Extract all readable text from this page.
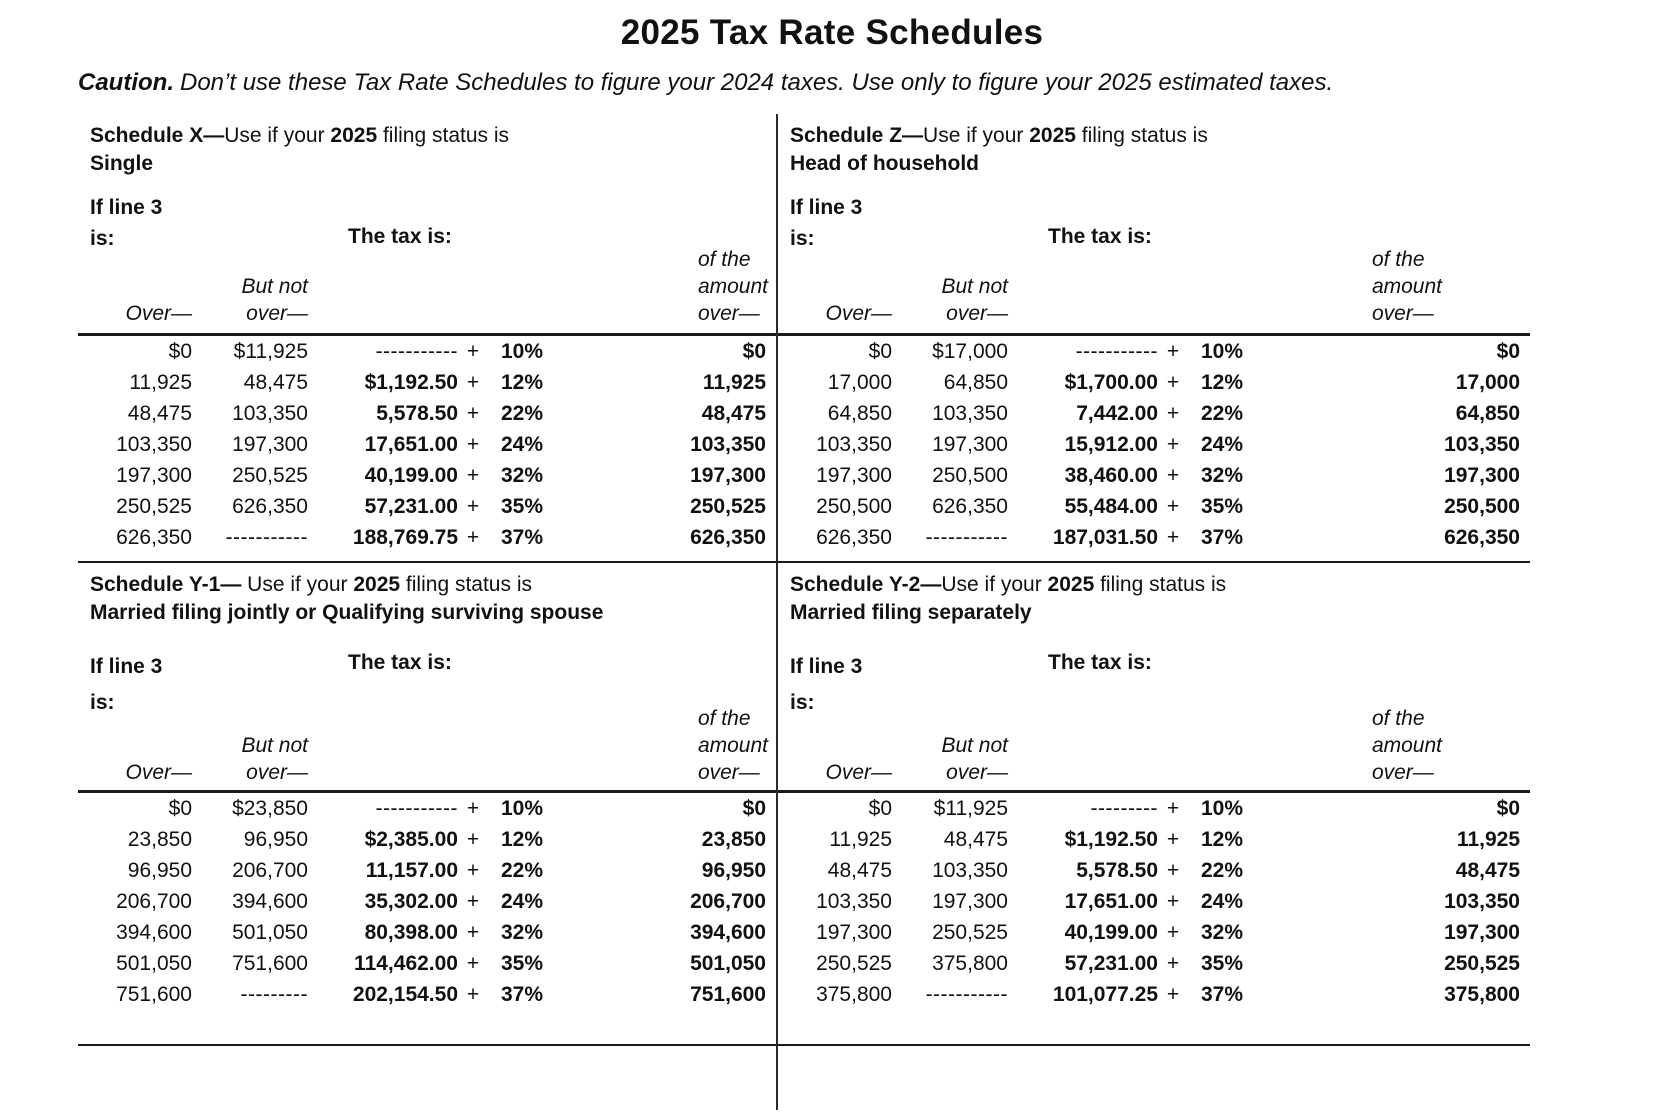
2025 Tax Rate Schedules

Caution. Don’t use these Tax Rate Schedules to figure your 2024 taxes. Use only to figure your 2025 estimated taxes.

Schedule X—Use if your 2025 filing status is
Single

If line 3
is:	The tax is:
Over—	But not
over—				of the
amount
over—
$0	$11,925	-----------	+	10%	$0
11,925	48,475	$1,192.50	+	12%	11,925
48,475	103,350	5,578.50	+	22%	48,475
103,350	197,300	17,651.00	+	24%	103,350
197,300	250,525	40,199.00	+	32%	197,300
250,525	626,350	57,231.00	+	35%	250,525
626,350	-----------	188,769.75	+	37%	626,350

Schedule Z—Use if your 2025 filing status is
Head of household

If line 3
is:	The tax is:
Over—	But not
over—				of the
amount
over—
$0	$17,000	-----------	+	10%	$0
17,000	64,850	$1,700.00	+	12%	17,000
64,850	103,350	7,442.00	+	22%	64,850
103,350	197,300	15,912.00	+	24%	103,350
197,300	250,500	38,460.00	+	32%	197,300
250,500	626,350	55,484.00	+	35%	250,500
626,350	-----------	187,031.50	+	37%	626,350

Schedule Y-1— Use if your 2025 filing status is
Married filing jointly or Qualifying surviving spouse

If line 3
is:
The tax is:
Over—	But not
over—				of the
amount
over—
$0	$23,850	-----------	+	10%	$0
23,850	96,950	$2,385.00	+	12%	23,850
96,950	206,700	11,157.00	+	22%	96,950
206,700	394,600	35,302.00	+	24%	206,700
394,600	501,050	80,398.00	+	32%	394,600
501,050	751,600	114,462.00	+	35%	501,050
751,600	---------	202,154.50	+	37%	751,600

Schedule Y-2—Use if your 2025 filing status is
Married filing separately

If line 3
is:
The tax is:
Over—	But not
over—				of the
amount
over—
$0	$11,925	---------	+	10%	$0
11,925	48,475	$1,192.50	+	12%	11,925
48,475	103,350	5,578.50	+	22%	48,475
103,350	197,300	17,651.00	+	24%	103,350
197,300	250,525	40,199.00	+	32%	197,300
250,525	375,800	57,231.00	+	35%	250,525
375,800	-----------	101,077.25	+	37%	375,800
